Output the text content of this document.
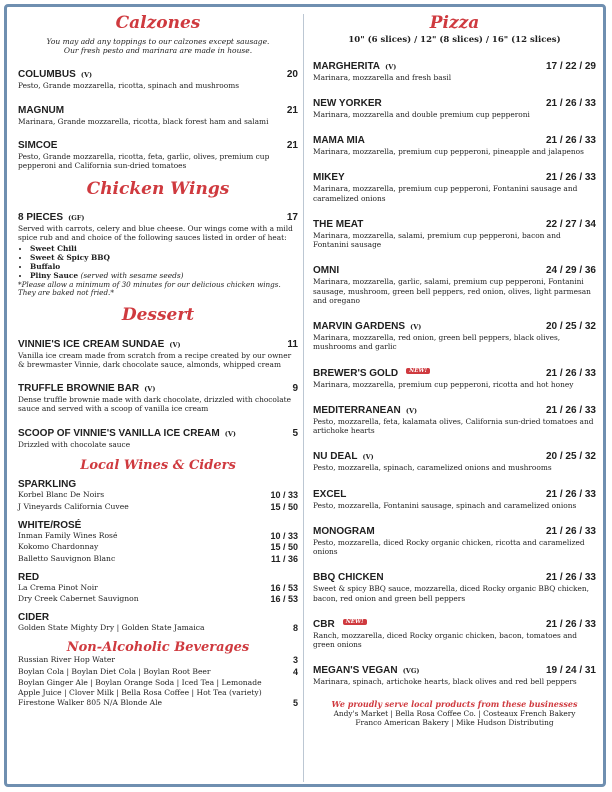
Calzones
You may add any toppings to our calzones except sausage.
Our fresh pesto and marinara are made in house.
COLUMBUS (V)	20
Pesto, Grande mozzarella, ricotta, spinach and mushrooms
MAGNUM	21
Marinara, Grande mozzarella, ricotta, black forest ham and salami
SIMCOE	21
Pesto, Grande mozzarella, ricotta, feta, garlic, olives, premium cup pepperoni and California sun-dried tomatoes
Chicken Wings
8 PIECES (GF)	17
Served with carrots, celery and blue cheese. Our wings come with a mild spice rub and and choice of the following sauces listed in order of heat:
• Sweet Chili
• Sweet & Spicy BBQ
• Buffalo
• Pliny Sauce (served with sesame seeds)
*Please allow a minimum of 30 minutes for our delicious chicken wings. They are baked not fried.*
Dessert
VINNIE'S ICE CREAM SUNDAE (V)	11
Vanilla ice cream made from scratch from a recipe created by our owner & brewmaster Vinnie, dark chocolate sauce, almonds, whipped cream
TRUFFLE BROWNIE BAR (V)	9
Dense truffle brownie made with dark chocolate, drizzled with chocolate sauce and served with a scoop of vanilla ice cream
SCOOP OF VINNIE'S VANILLA ICE CREAM (V)	5
Drizzled with chocolate sauce
Local Wines & Ciders
SPARKLING
Korbel Blanc De Noirs	10 / 33
J Vineyards California Cuvee	15 / 50
WHITE/ROSÉ
Inman Family Wines Rosé	10 / 33
Kokomo Chardonnay	15 / 50
Balletto Sauvignon Blanc	11 / 36
RED
La Crema Pinot Noir	16 / 53
Dry Creek Cabernet Sauvignon	16 / 53
CIDER
Golden State Mighty Dry | Golden State Jamaica	8
Non-Alcoholic Beverages
Russian River Hop Water	3
Boylan Cola | Boylan Diet Cola | Boylan Root Beer	4
Boylan Ginger Ale | Boylan Orange Soda | Iced Tea | Lemonade
Apple Juice | Clover Milk | Bella Rosa Coffee | Hot Tea (variety)
Firestone Walker 805 N/A Blonde Ale	5
Pizza
10" (6 slices) / 12" (8 slices) / 16" (12 slices)
MARGHERITA (V)	17 / 22 / 29
Marinara, mozzarella and fresh basil
NEW YORKER	21 / 26 / 33
Marinara, mozzarella and double premium cup pepperoni
MAMA MIA	21 / 26 / 33
Marinara, mozzarella, premium cup pepperoni, pineapple and jalapenos
MIKEY	21 / 26 / 33
Marinara, mozzarella, premium cup pepperoni, Fontanini sausage and caramelized onions
THE MEAT	22 / 27 / 34
Marinara, mozzarella, salami, premium cup pepperoni, bacon and Fontanini sausage
OMNI	24 / 29 / 36
Marinara, mozzarella, garlic, salami, premium cup pepperoni, Fontanini sausage, mushroom, green bell peppers, red onion, olives, light parmesan and oregano
MARVIN GARDENS (V)	20 / 25 / 32
Marinara, mozzarella, red onion, green bell peppers, black olives, mushrooms and garlic
BREWER'S GOLD NEW!	21 / 26 / 33
Marinara, mozzarella, premium cup pepperoni, ricotta and hot honey
MEDITERRANEAN (V)	21 / 26 / 33
Pesto, mozzarella, feta, kalamata olives, California sun-dried tomatoes and artichoke hearts
NU DEAL (V)	20 / 25 / 32
Pesto, mozzarella, spinach, caramelized onions and mushrooms
EXCEL	21 / 26 / 33
Pesto, mozzarella, Fontanini sausage, spinach and caramelized onions
MONOGRAM	21 / 26 / 33
Pesto, mozzarella, diced Rocky organic chicken, ricotta and caramelized onions
BBQ CHICKEN	21 / 26 / 33
Sweet & spicy BBQ sauce, mozzarella, diced Rocky organic BBQ chicken, bacon, red onion and green bell peppers
CBR NEW!	21 / 26 / 33
Ranch, mozzarella, diced Rocky organic chicken, bacon, tomatoes and green onions
MEGAN'S VEGAN (VG)	19 / 24 / 31
Marinara, spinach, artichoke hearts, black olives and red bell peppers
We proudly serve local products from these businesses
Andy's Market | Bella Rosa Coffee Co. | Costeaux French Bakery
Franco American Bakery | Mike Hudson Distributing
